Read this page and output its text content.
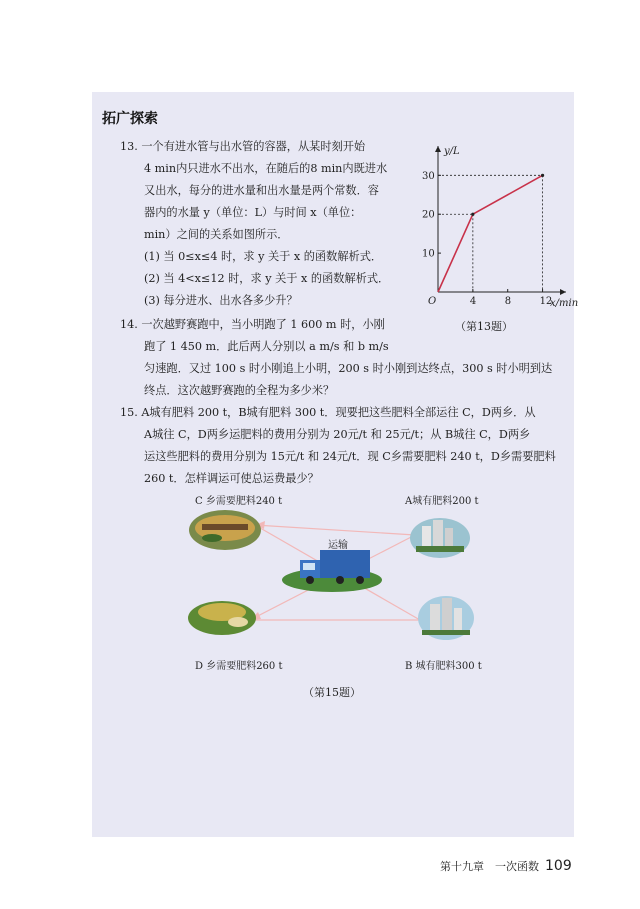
拓广探索
13. 一个有进水管与出水管的容器，从某时刻开始
4 min内只进水不出水，在随后的8 min内既进水
又出水，每分的进水量和出水量是两个常数．容
器内的水量 y（单位：L）与时间 x（单位：
min）之间的关系如图所示．
(1) 当 0≤x≤4 时，求 y 关于 x 的函数解析式．
(2) 当 4<x≤12 时，求 y 关于 x 的函数解析式．
(3) 每分进水、出水各多少升？
y/L
x/min
O	4	8	12
10
20
30
（第13题）
14. 一次越野赛跑中，当小明跑了 1 600 m 时，小刚
跑了 1 450 m．此后两人分别以 a m/s 和 b m/s
匀速跑．又过 100 s 时小刚追上小明，200 s 时小刚到达终点，300 s 时小明到达
终点．这次越野赛跑的全程为多少米？
15. A城有肥料 200 t，B城有肥料 300 t．现要把这些肥料全部运往 C，D两乡．从
A城往 C，D两乡运肥料的费用分别为 20元/t 和 25元/t；从 B城往 C，D两乡
运这些肥料的费用分别为 15元/t 和 24元/t．现 C乡需要肥料 240 t，D乡需要肥料
260 t．怎样调运可使总运费最少？
C 乡需要肥料240 t	A城有肥料200 t
运输
D 乡需要肥料260 t	B 城有肥料300 t
（第15题）
第十九章　一次函数 109
